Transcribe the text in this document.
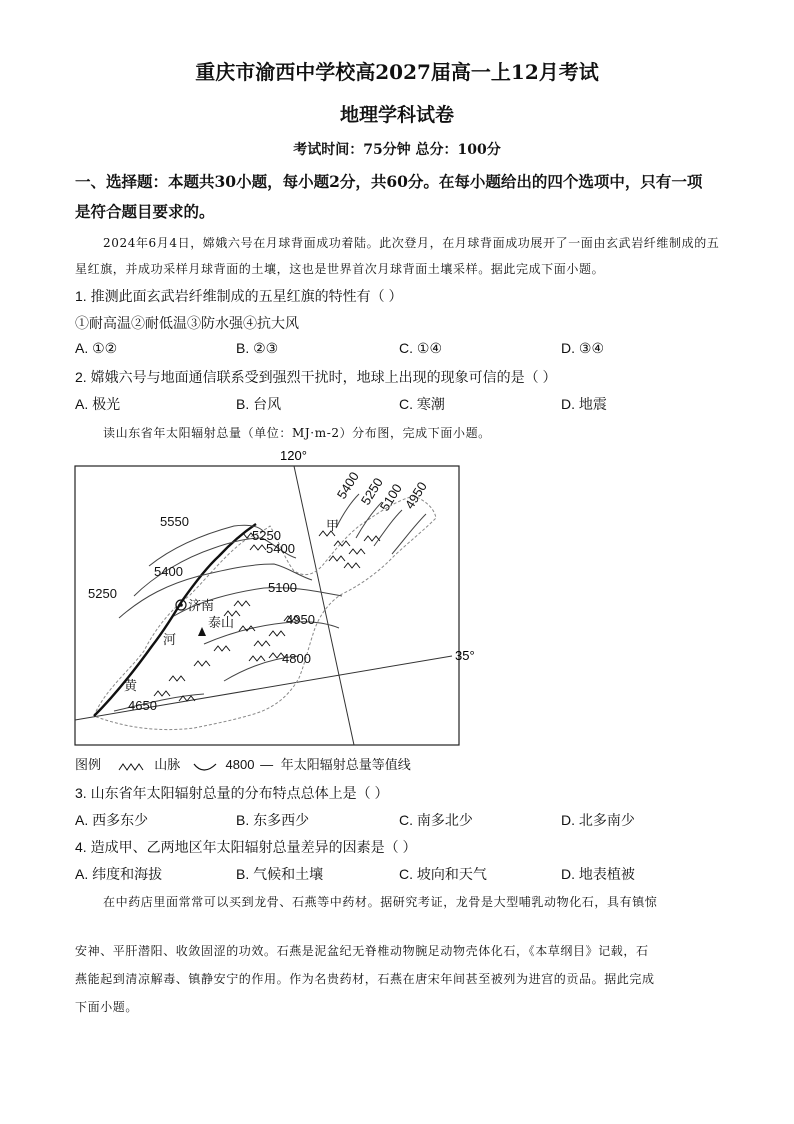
重庆市渝西中学校高2027届高一上12月考试
地理学科试卷
考试时间：75分钟 总分：100分
一、选择题：本题共30小题，每小题2分，共60分。在每小题给出的四个选项中，只有一项
是符合题目要求的。
2024年6月4日，嫦娥六号在月球背面成功着陆。此次登月，在月球背面成功展开了一面由玄武岩纤维制成的五星红旗，并成功采样月球背面的土壤，这也是世界首次月球背面土壤采样。据此完成下面小题。
1. 推测此面玄武岩纤维制成的五星红旗的特性有（ ）
①耐高温②耐低温③防水强④抗大风
A. ①②	B. ②③	C. ①④	D. ③④
2. 嫦娥六号与地面通信联系受到强烈干扰时，地球上出现的现象可信的是（ ）
A. 极光	B. 台风	C. 寒潮	D. 地震
读山东省年太阳辐射总量（单位：MJ·m-2）分布图，完成下面小题。
120°
35°
5550
5400
5250
5250
5400
5100
4950
4800
4650
5400
5250
5100
4950
济南
泰山
河
黄
甲
图例	山脉	4800 — 年太阳辐射总量等值线
3. 山东省年太阳辐射总量的分布特点总体上是（ ）
A. 西多东少	B. 东多西少	C. 南多北少	D. 北多南少
4. 造成甲、乙两地区年太阳辐射总量差异的因素是（ ）
A. 纬度和海拔	B. 气候和土壤	C. 坡向和天气	D. 地表植被
在中药店里面常常可以买到龙骨、石燕等中药材。据研究考证，龙骨是大型哺乳动物化石，具有镇惊
安神、平肝潜阳、收敛固涩的功效。石燕是泥盆纪无脊椎动物腕足动物壳体化石，《本草纲目》记载，石
燕能起到清凉解毒、镇静安宁的作用。作为名贵药材，石燕在唐宋年间甚至被列为进宫的贡品。据此完成
下面小题。
